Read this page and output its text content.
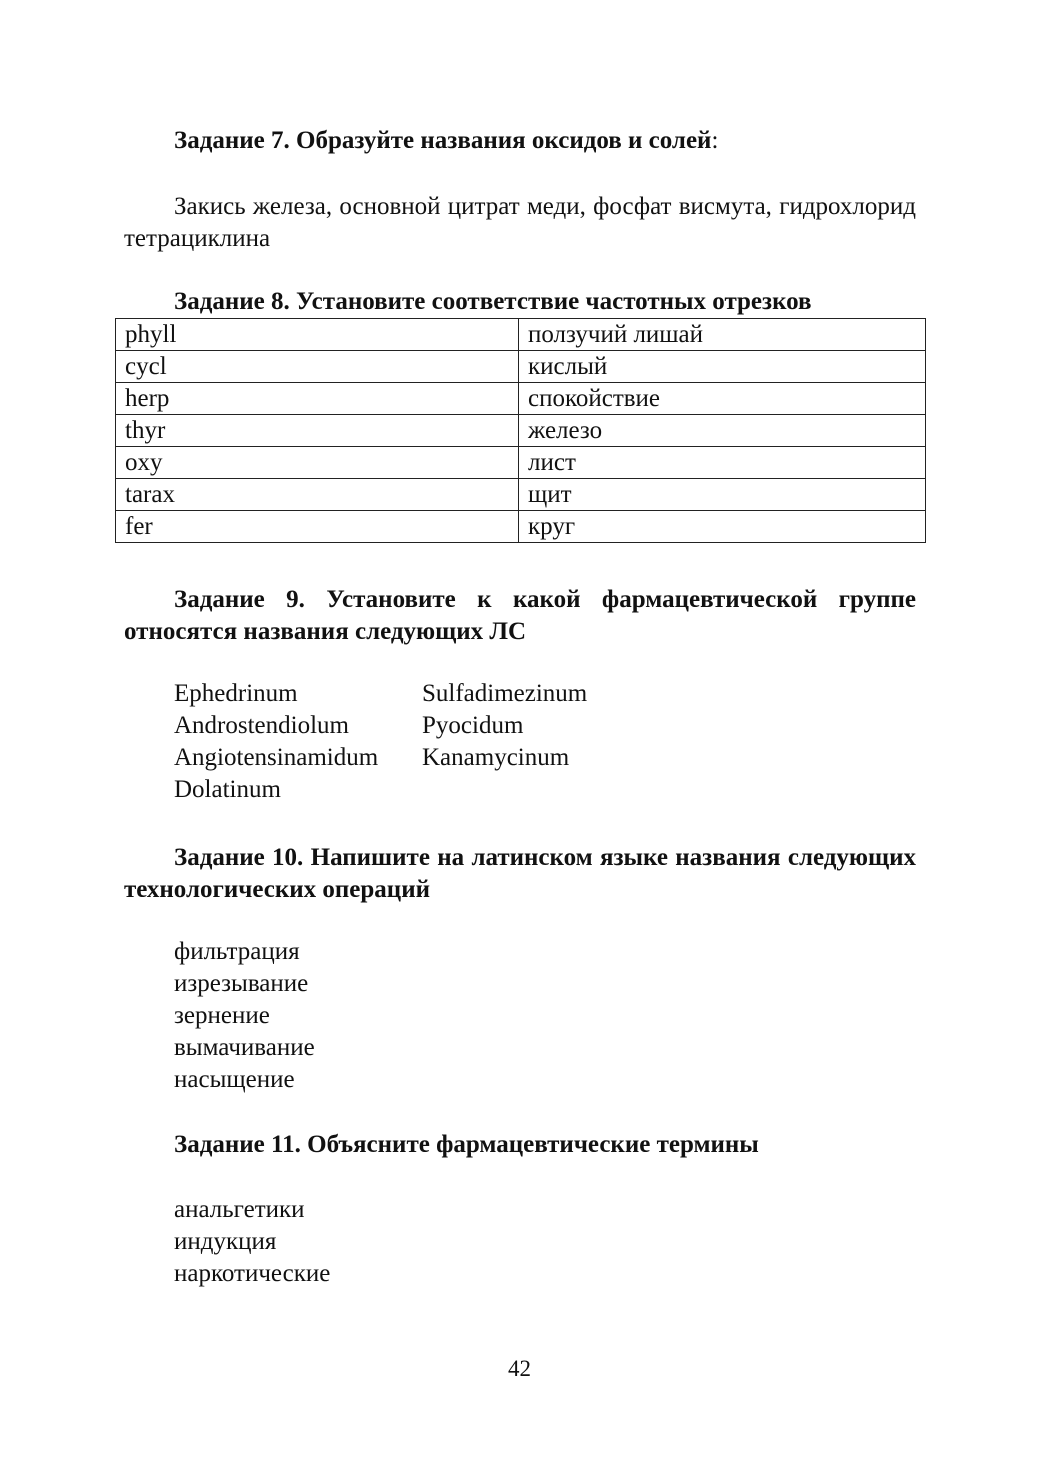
Задание 7. Образуйте названия оксидов и солей:

Закись железа, основной цитрат меди, фосфат висмута, гидрохлорид тетрациклина

Задание 8. Установите соответствие частотных отрезков

phyll	ползучий лишай
cycl	кислый
herp	спокойствие
thyr	железо
oxy	лист
tarax	щит
fer	круг

Задание 9. Установите к какой фармацевтической группе относятся названия следующих ЛС

Ephedrinum	Sulfadimezinum
Androstendiolum	Pyocidum
Angiotensinamidum	Kanamycinum
Dolatinum

Задание 10. Напишите на латинском языке названия следующих технологических операций

фильтрация
изрезывание
зернение
вымачивание
насыщение

Задание 11. Объясните фармацевтические термины

анальгетики
индукция
наркотические
42
